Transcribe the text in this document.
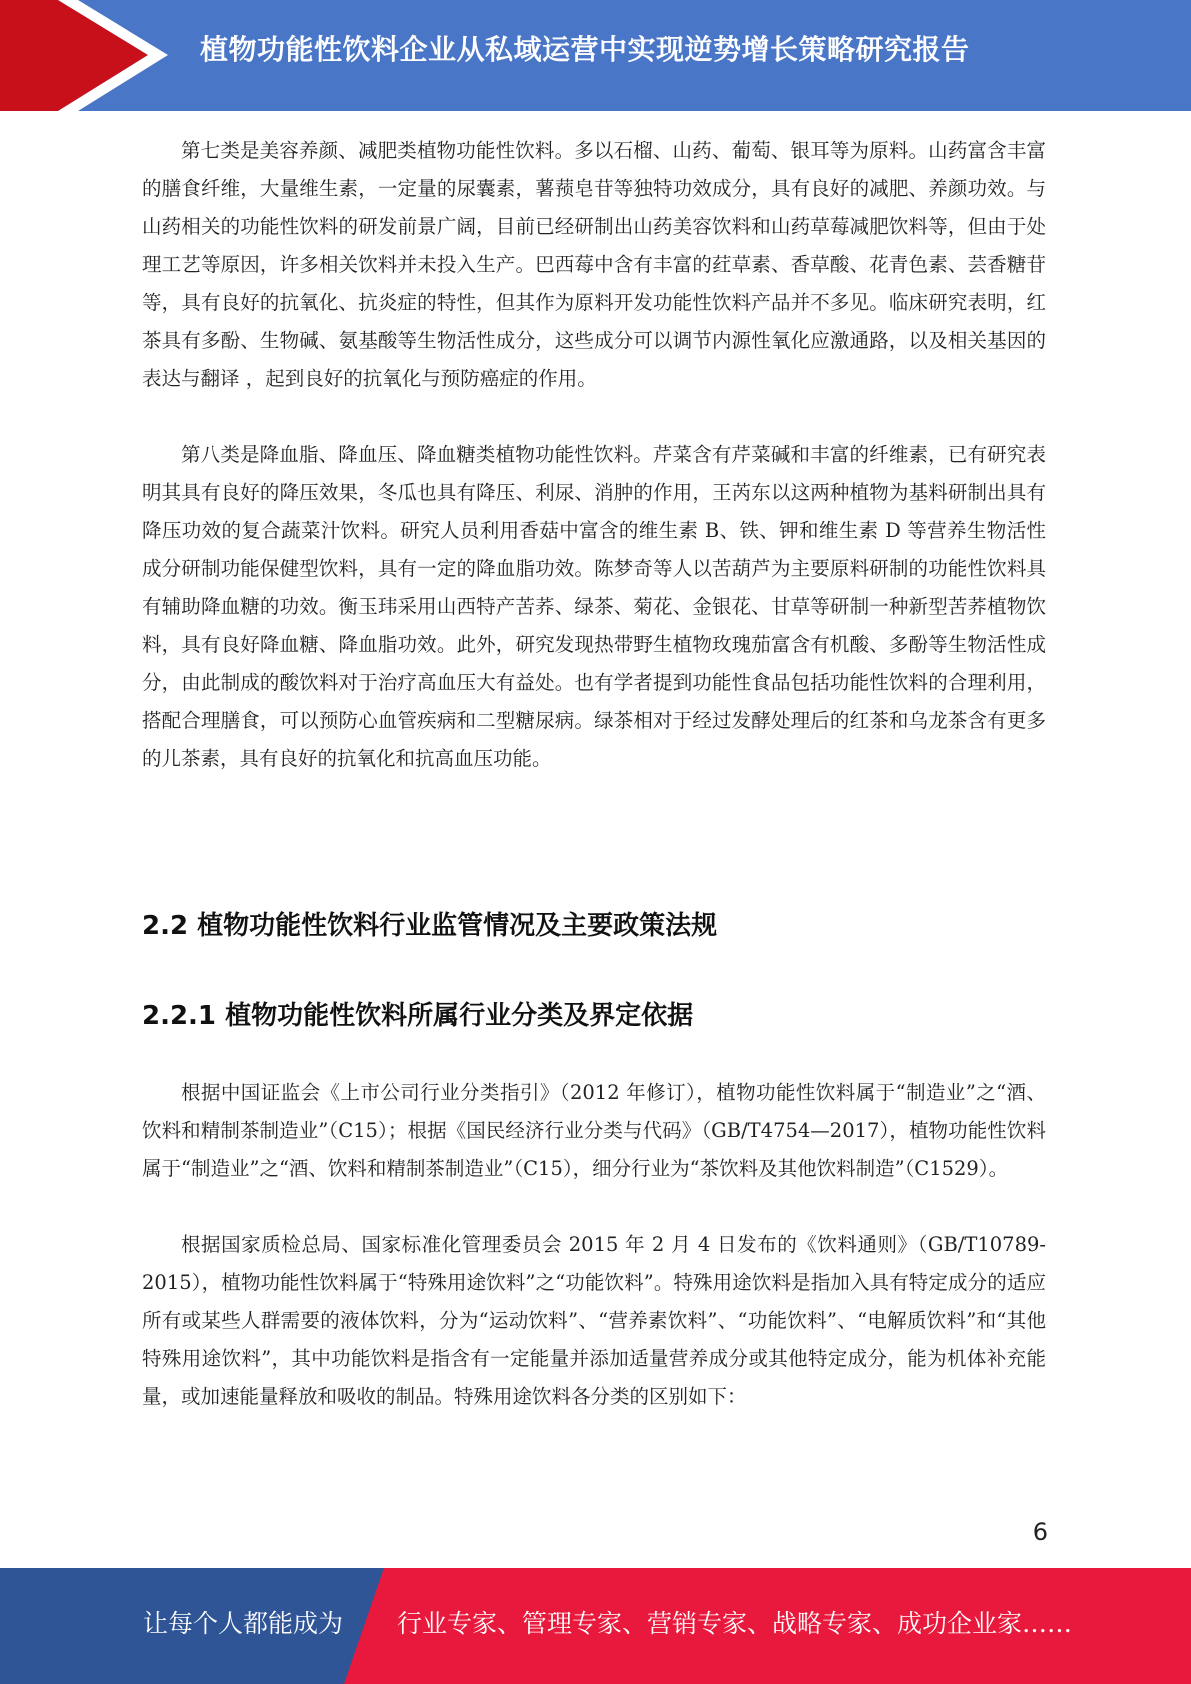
植物功能性饮料企业从私域运营中实现逆势增长策略研究报告

第七类是美容养颜、减肥类植物功能性饮料。多以石榴、山药、葡萄、银耳等为原料。山药富含丰富的膳食纤维，大量维生素，一定量的尿囊素，薯蓣皂苷等独特功效成分，具有良好的减肥、养颜功效。与山药相关的功能性饮料的研发前景广阔，目前已经研制出山药美容饮料和山药草莓减肥饮料等，但由于处理工艺等原因，许多相关饮料并未投入生产。巴西莓中含有丰富的荭草素、香草酸、花青色素、芸香糖苷等，具有良好的抗氧化、抗炎症的特性，但其作为原料开发功能性饮料产品并不多见。临床研究表明，红茶具有多酚、生物碱、氨基酸等生物活性成分，这些成分可以调节内源性氧化应激通路，以及相关基因的表达与翻译 ，起到良好的抗氧化与预防癌症的作用。

第八类是降血脂、降血压、降血糖类植物功能性饮料。芹菜含有芹菜碱和丰富的纤维素，已有研究表明其具有良好的降压效果，冬瓜也具有降压、利尿、消肿的作用，王芮东以这两种植物为基料研制出具有降压功效的复合蔬菜汁饮料。研究人员利用香菇中富含的维生素 B、铁、钾和维生素 D 等营养生物活性成分研制功能保健型饮料，具有一定的降血脂功效。陈梦奇等人以苦葫芦为主要原料研制的功能性饮料具有辅助降血糖的功效。衡玉玮采用山西特产苦荞、绿茶、菊花、金银花、甘草等研制一种新型苦荞植物饮料，具有良好降血糖、降血脂功效。此外，研究发现热带野生植物玫瑰茄富含有机酸、多酚等生物活性成分，由此制成的酸饮料对于治疗高血压大有益处。也有学者提到功能性食品包括功能性饮料的合理利用，搭配合理膳食，可以预防心血管疾病和二型糖尿病。绿茶相对于经过发酵处理后的红茶和乌龙茶含有更多的儿茶素，具有良好的抗氧化和抗高血压功能。

2.2 植物功能性饮料行业监管情况及主要政策法规
2.2.1 植物功能性饮料所属行业分类及界定依据

根据中国证监会《上市公司行业分类指引》（2012 年修订），植物功能性饮料属于“制造业”之“酒、饮料和精制茶制造业”（C15）；根据《国民经济行业分类与代码》（GB/T4754—2017），植物功能性饮料属于“制造业”之“酒、饮料和精制茶制造业”（C15），细分行业为“茶饮料及其他饮料制造”（C1529）。

根据国家质检总局、国家标准化管理委员会 2015 年 2 月 4 日发布的《饮料通则》（GB/T10789-2015），植物功能性饮料属于“特殊用途饮料”之“功能饮料”。特殊用途饮料是指加入具有特定成分的适应所有或某些人群需要的液体饮料，分为“运动饮料”、“营养素饮料”、“功能饮料”、“电解质饮料”和“其他特殊用途饮料”，其中功能饮料是指含有一定能量并添加适量营养成分或其他特定成分，能为机体补充能量，或加速能量释放和吸收的制品。特殊用途饮料各分类的区别如下：

6
让每个人都能成为 行业专家、管理专家、营销专家、战略专家、成功企业家……
